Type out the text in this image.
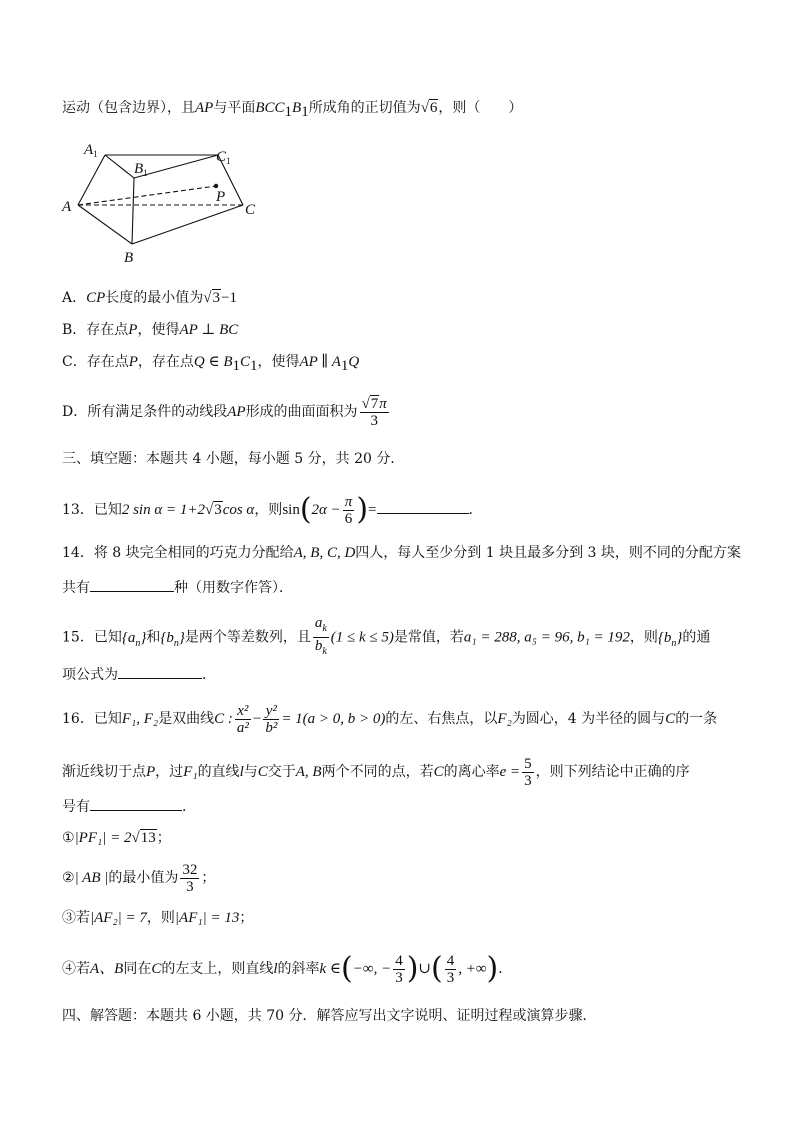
运动（包含边界），且AP与平面$BCC_1B_1$所成角的正切值为√6，则（　　）
$A_1$
$B_1$
$C_1$
A
B
C
P
A．CP长度的最小值为√3−1
B．存在点P，使得AP ⊥ BC
C．存在点P，存在点Q ∈ $B_1C_1$，使得AP ∥ $A_1Q$
D．所有满足条件的动线段AP形成的曲面面积为 $\frac{√7\pi}{3}$
三、填空题：本题共 4 小题，每小题 5 分，共 20 分．
13．已知2 sin α = 1+2√3cos α，则$\sin(2\alpha - \frac{\pi}{6}$ )=	．
14．将 8 块完全相同的巧克力分配给A, B, C, D四人，每人至少分到 1 块且最多分到 3 块，则不同的分配方案
共有	种（用数字作答）．
15．已知$\{a_n\}$和$\{b_n\}$是两个等差数列，且 $\frac{a_k}{b_k} (1 \le k \le 5)$是常值，若a₁ = 288, a₅ = 96, b₁ = 192，则$\{b_n\}$的通
项公式为	．
16．已知F₁, F₂是双曲线C : $\frac{\text{x²}}{\text{a²}} - \frac{\text{y²}}{\text{b²}} = 1(a > 0$, b > 0)的左、右焦点，以F₂为圆心，4 为半径的圆与C的一条
渐近线切于点P，过F₁的直线l与C交于A, B两个不同的点，若C的离心率$e = \frac{5}{3}$ ，则下列结论中正确的序
号有	．
①|PF₁| = 2√13；
②| AB |的最小值为 $\frac{32}{3}$ ；
③若|AF₂| = 7，则|AF₁| = 13；
④若A、B同在C的左支上，则直线l的斜率k ∈(−∞, − $\frac{4}{3}$ )∪( $\frac{4}{3}$ , +∞)．
四、解答题：本题共 6 小题，共 70 分．解答应写出文字说明、证明过程或演算步骤．
